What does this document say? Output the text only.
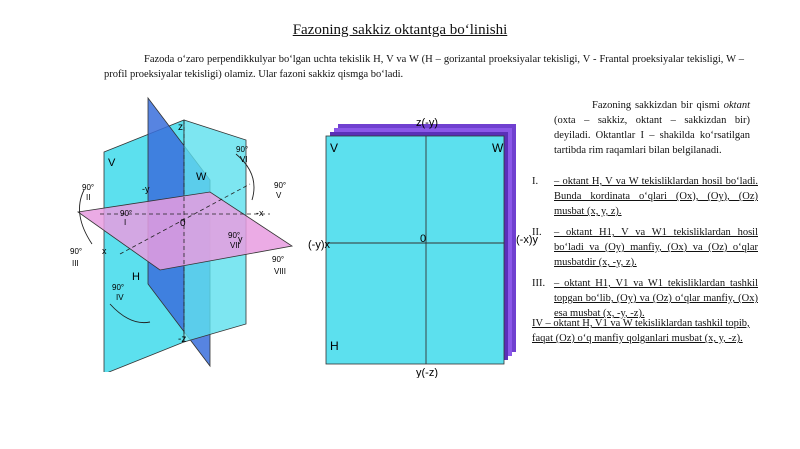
Fazoning sakkiz oktantga bo‘linishi
Fazoda o‘zaro perpendikkulyar bo‘lgan uchta tekislik H, V va W (H – gorizantal proeksiyalar tekisligi, V - Frantal proeksiyalar tekisligi, W – profil proeksiyalar tekisligi) olamiz. Ular fazoni sakkiz qismga bo‘ladi.
z
-z
-y
-x
x
y
V
W
H
0
90°
I
90°
II
90°
III
90°
IV
90°
V
90°
VI
90°
VII
90°
VIII
z(-y)
y(-z)
(-y)x	(-x)y
V	W
H
0
Fazoning sakkizdan bir qismi oktant (oxta – sakkiz, oktant – sakkizdan bir) deyiladi. Oktantlar I – shakilda ko‘rsatilgan tartibda rim raqamlari bilan belgilanadi.
I.	– oktant H, V va W tekisliklardan hosil bo‘ladi. Bunda kordinata o‘qlari (Ox), (Oy), (Oz) musbat (x, y, z).
II.	– oktant H1, V va W1 tekisliklardan hosil bo‘ladi va (Oy) manfiy, (Ox) va (Oz) o‘qlar musbatdir (x, -y, z).
III. – oktant H1, V1 va W1 tekisliklardan tashkil topgan bo‘lib, (Oy) va (Oz) o‘qlar manfiy, (Ox) esa musbat (x, -y, -z).
IV – oktant H, V1 va W tekisliklardan tashkil topib, faqat (Oz) o‘q manfiy qolganlari musbat (x, y, -z).
